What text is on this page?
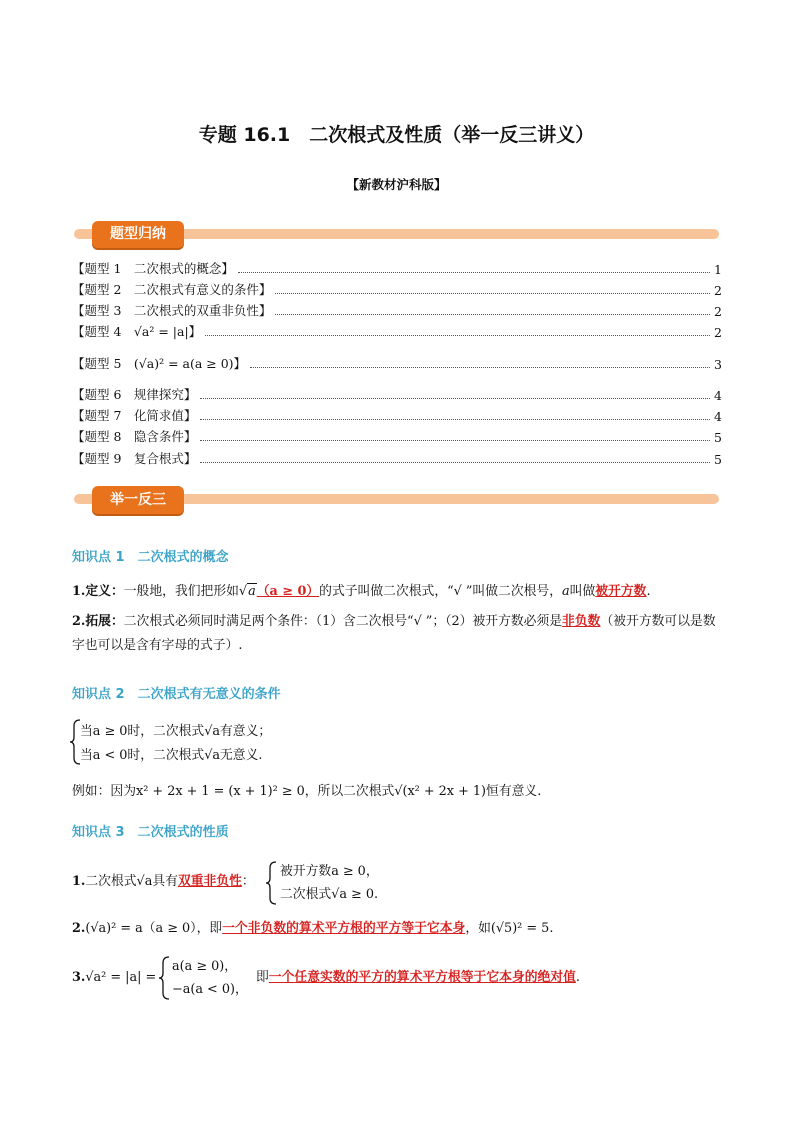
专题 16.1　二次根式及性质（举一反三讲义）
【新教材沪科版】
题型归纳
【题型 1　二次根式的概念】	1
【题型 2　二次根式有意义的条件】	2
【题型 3　二次根式的双重非负性】	2
【题型 4　√a² = |a|】	2
【题型 5　(√a)² = a(a ≥ 0)】	3
【题型 6　规律探究】	4
【题型 7　化简求值】	4
【题型 8　隐含条件】	5
【题型 9　复合根式】	5
举一反三
知识点 1　二次根式的概念
1.定义：一般地，我们把形如√a（a ≥ 0）的式子叫做二次根式，“√ ”叫做二次根号，a叫做被开方数.
2.拓展：二次根式必须同时满足两个条件：（1）含二次根号“√ ”；（2）被开方数必须是非负数（被开方数可以是数字也可以是含有字母的式子）.
知识点 2　二次根式有无意义的条件
当a ≥ 0时，二次根式√a有意义；
当a < 0时，二次根式√a无意义.
例如：因为x² + 2x + 1 = (x + 1)² ≥ 0，所以二次根式√(x² + 2x + 1)恒有意义.
知识点 3　二次根式的性质
1.二次根式√a具有双重非负性：
被开方数a ≥ 0，
二次根式√a ≥ 0.
2.(√a)² = a（a ≥ 0），即一个非负数的算术平方根的平方等于它本身，如(√5)² = 5.
3.√a² = |a| =
a(a ≥ 0)，
−a(a < 0)，
即一个任意实数的平方的算术平方根等于它本身的绝对值.
